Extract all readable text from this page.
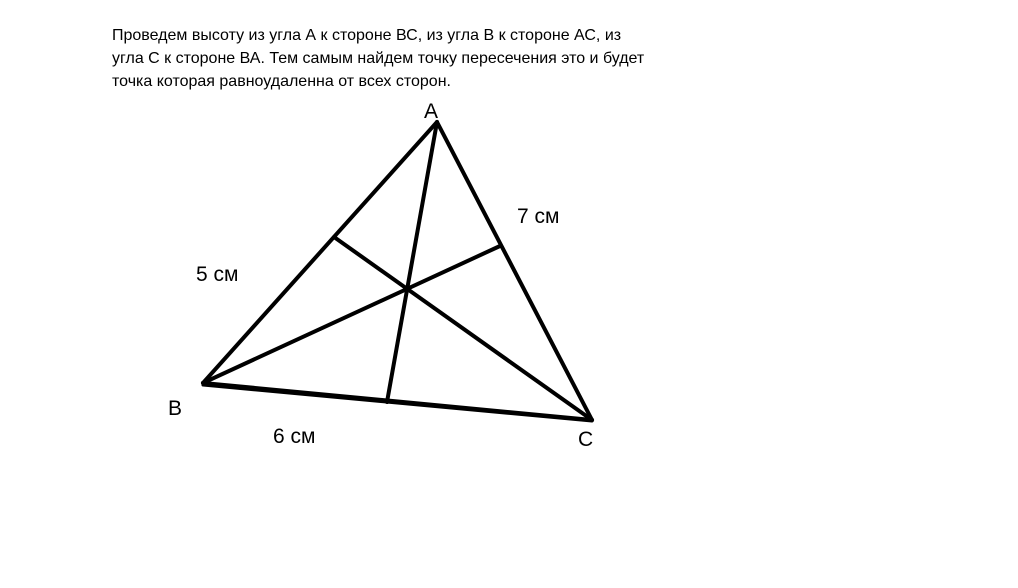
Проведем высоту из угла А к стороне ВС, из угла В к стороне АС, из
угла С к стороне ВА. Тем самым найдем точку пересечения это и будет
точка которая равноудаленна от всех сторон.
A
B
C
5 см
7 см
6 см
